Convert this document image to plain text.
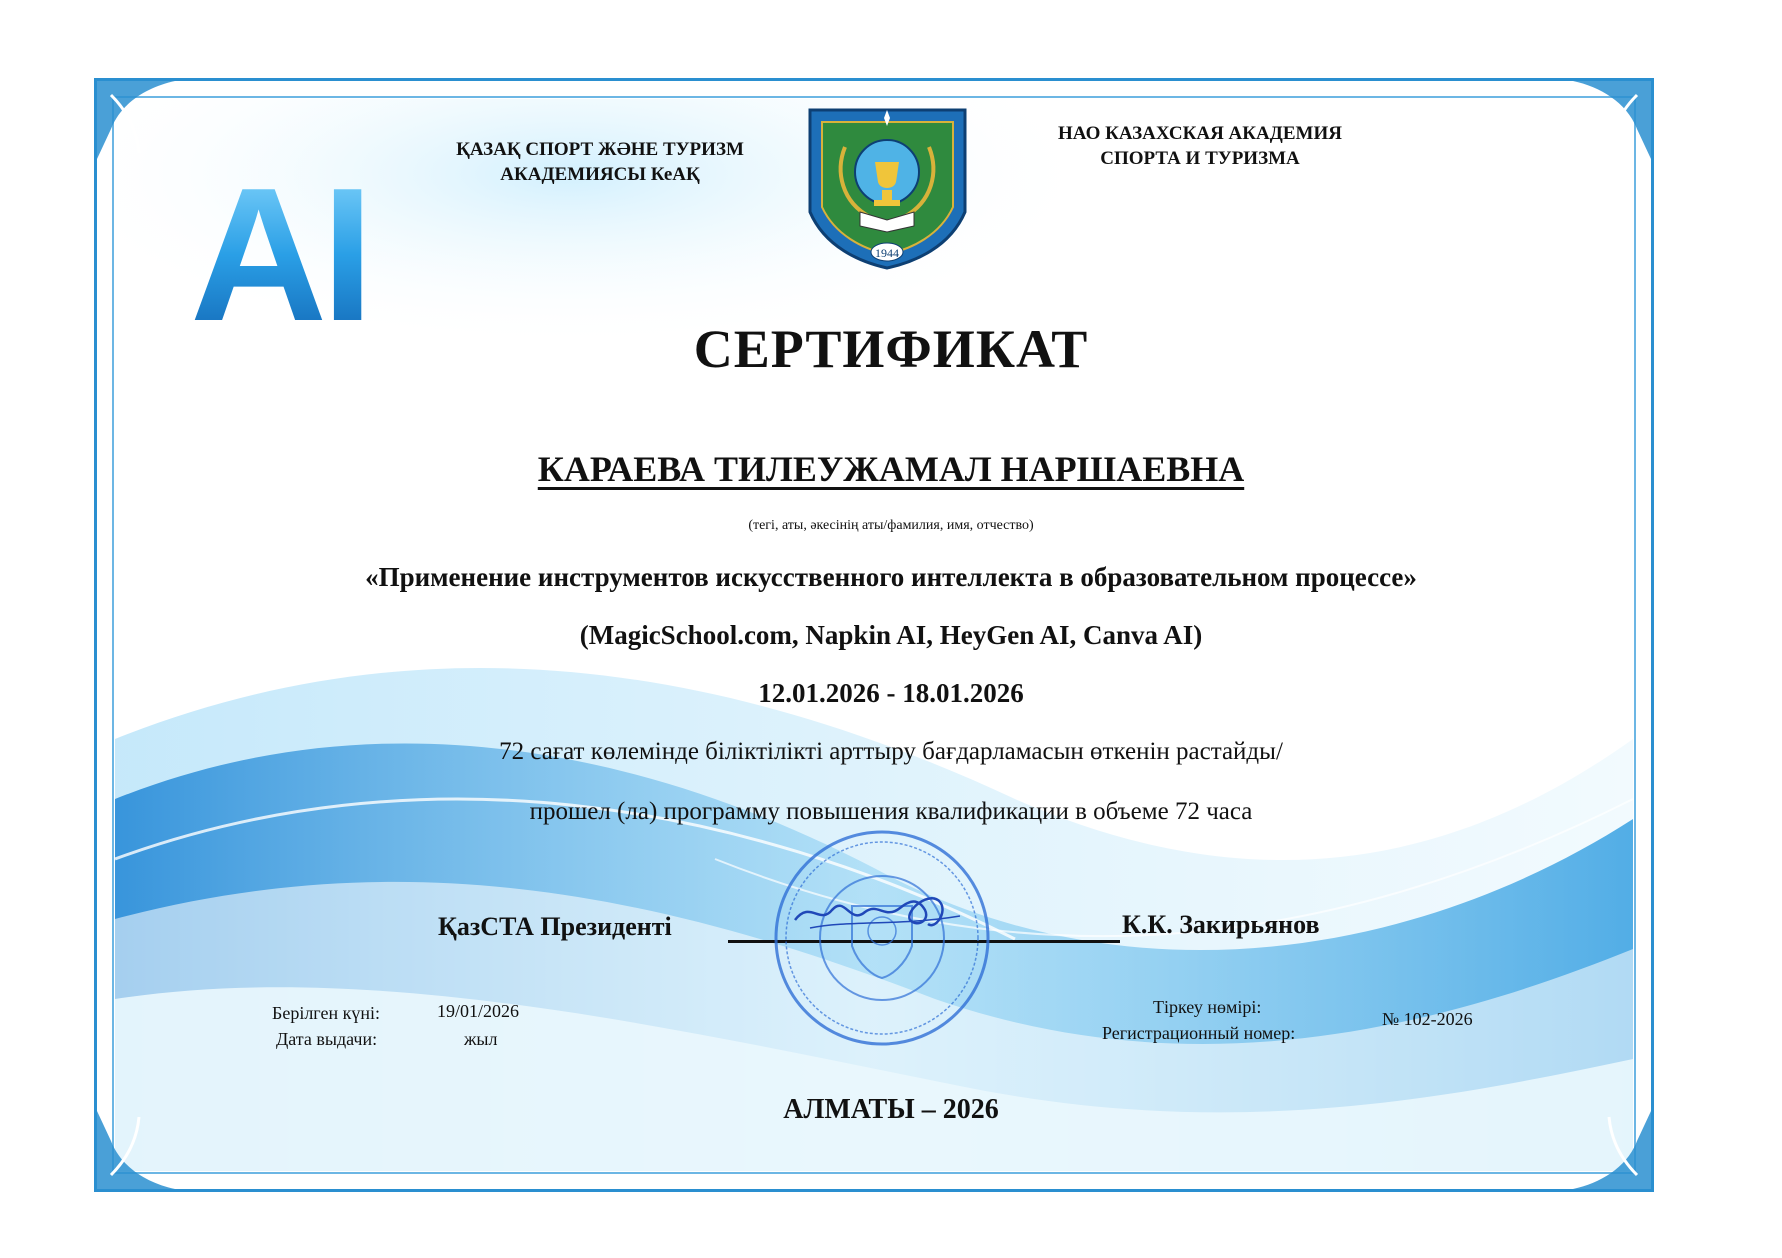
AI	ҚАЗАҚ СПОРТ ЖӘНЕ ТУРИЗМ
АКАДЕМИЯСЫ КеАҚ
НАО КАЗАХСКАЯ АКАДЕМИЯ
СПОРТА И ТУРИЗМА
1944
СЕРТИФИКАТ
КАРАЕВА ТИЛЕУЖАМАЛ НАРШАЕВНА
(тегі, аты, әкесінің аты/фамилия, имя, отчество)
«Применение инструментов искусственного интеллекта в образовательном процессе»
(MagicSchool.com, Napkin AI, HeyGen AI, Canva AI)
12.01.2026 - 18.01.2026
72 сағат көлемінде біліктілікті арттыру бағдарламасын өткенін растайды/
прошел (ла) программу повышения квалификации в объеме 72 часа
ҚазСТА Президенті	К.К. Закирьянов
Берілген күні:
Дата выдачи:
19/01/2026
жыл
Тіркеу нөмірі:
Регистрационный номер:
№ 102-2026
АЛМАТЫ – 2026
